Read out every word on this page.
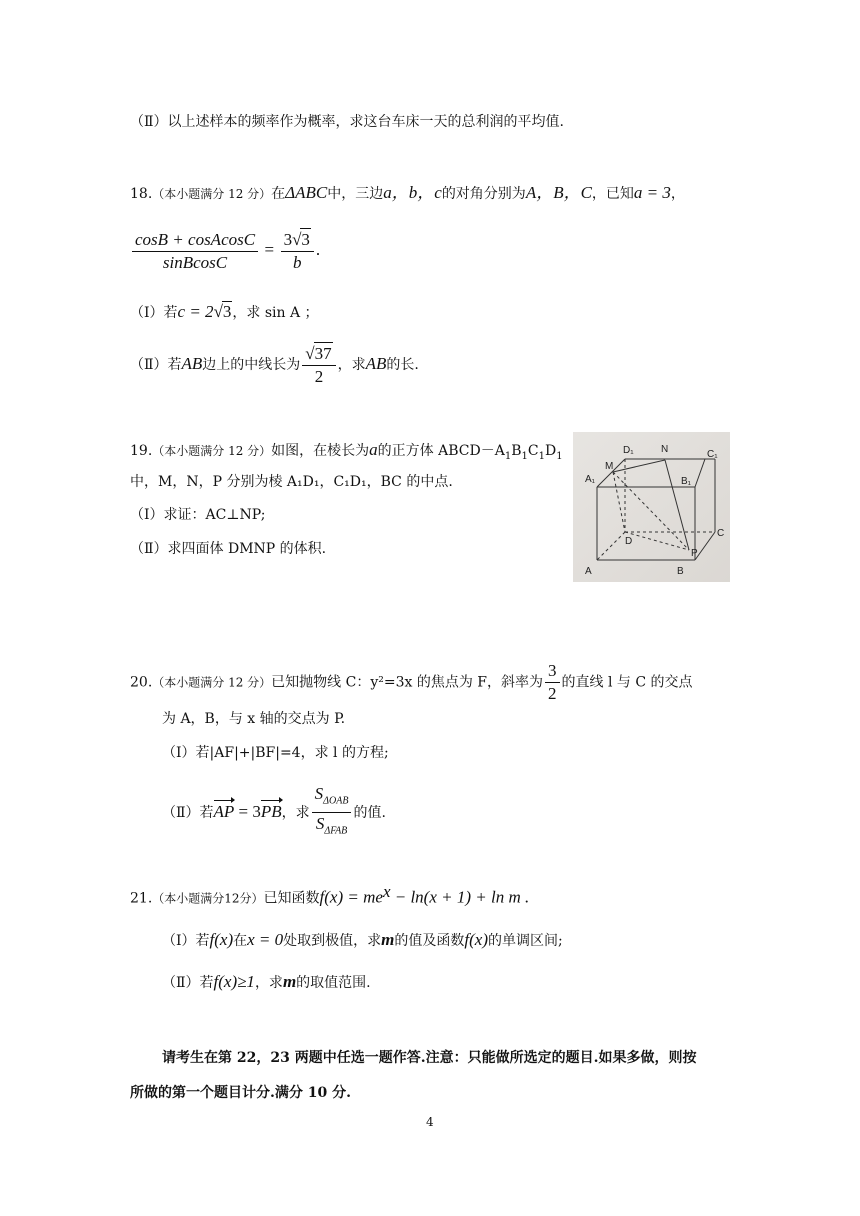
（Ⅱ）以上述样本的频率作为概率，求这台车床一天的总利润的平均值.
18.（本小题满分 12 分）在ΔABC中，三边a，b，c的对角分别为A，B，C，已知a = 3，
$\frac{\text{cosB + cosAcosC}}{\text{sinBcosC}} = \frac{3√3}{b}$ .
（Ⅰ）若c = 2√3，求 sin A ；
（Ⅱ）若AB边上的中线长为 $\frac{√37}{2}$ ，求AB的长.
19.（本小题满分 12 分）如图，在棱长为a的正方体 $ABCD-A_1B_1C_1D_1$
中，M，N，P 分别为棱 A₁D₁，C₁D₁，BC 的中点.
（Ⅰ）求证：AC⊥NP;
（Ⅱ）求四面体 DMNP 的体积.
D₁	N	C₁
M
A₁	B₁
D
C
P
A	B
20.（本小题满分 12 分）已知抛物线 C：y²=3x 的焦点为 F，斜率为 $\frac{3}{2}$ 的直线 l 与 C 的交点
为 A，B，与 x 轴的交点为 P.
（Ⅰ）若|AF|+|BF|=4，求 l 的方程;
（Ⅱ）若AP = 3PB，求 $\frac{S_{\Delta OAB}}{S_{\Delta FAB}}$ 的值.
21.（本小题满分12分）已知函数$f(x) = me^x - \ln(x + 1) + \ln m$ .
（Ⅰ）若f(x)在x = 0处取到极值，求m的值及函数f(x)的单调区间;
（Ⅱ）若f(x)≥1，求m的取值范围.
请考生在第 22，23 两题中任选一题作答.注意：只能做所选定的题目.如果多做，则按
所做的第一个题目计分.满分 10 分.
4
